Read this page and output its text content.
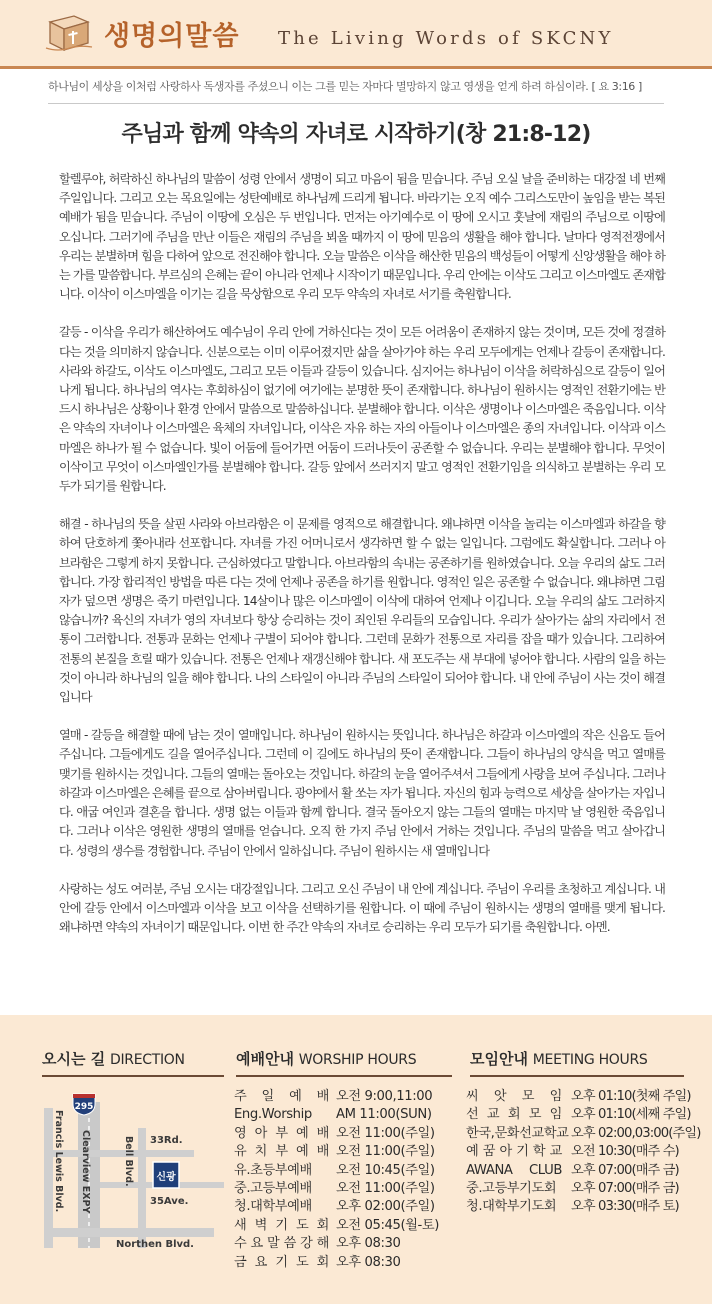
생명의말씀 The Living Words of SKCNY
하나님이 세상을 이처럼 사랑하사 독생자를 주셨으니 이는 그를 믿는 자마다 멸망하지 않고 영생을 얻게 하려 하심이라. [ 요 3:16 ]
주님과 함께 약속의 자녀로 시작하기(창 21:8-12)

할렐루야, 허락하신 하나님의 말씀이 성령 안에서 생명이 되고 마음이 됨을 믿습니다. 주님 오실 날을 준비하는 대강절 네 번째 주일입니다. 그리고 오는 목요일에는 성탄예배로 하나님께 드리게 됩니다. 바라기는 오직 예수 그리스도만이 높임을 받는 복된 예배가 됨을 믿습니다. 주님이 이땅에 오심은 두 번입니다. 먼저는 아기예수로 이 땅에 오시고 훗날에 재림의 주님으로 이땅에 오십니다. 그러기에 주님을 만난 이들은 재림의 주님을 뵈올 때까지 이 땅에 믿음의 생활을 해야 합니다. 날마다 영적전쟁에서 우리는 분별하며 힘을 다하여 앞으로 전진해야 합니다. 오늘 말씀은 이삭을 해산한 믿음의 백성들이 어떻게 신앙생활을 해야 하는 가를 말씀합니다. 부르심의 은혜는 끝이 아니라 언제나 시작이기 때문입니다. 우리 안에는 이삭도 그리고 이스마엘도 존재합니다. 이삭이 이스마엘을 이기는 길을 묵상함으로 우리 모두 약속의 자녀로 서기를 축원합니다.

갈등 - 이삭을 우리가 해산하여도 예수님이 우리 안에 거하신다는 것이 모든 어려움이 존재하지 않는 것이며, 모든 것에 정결하다는 것을 의미하지 않습니다. 신분으로는 이미 이루어졌지만 삶을 살아가야 하는 우리 모두에게는 언제나 갈등이 존재합니다. 사라와 하갈도, 이삭도 이스마엘도, 그리고 모든 이들과 갈등이 있습니다. 심지어는 하나님이 이삭을 허락하심으로 갈등이 일어나게 됩니다. 하나님의 역사는 후회하심이 없기에 여기에는 분명한 뜻이 존재합니다. 하나님이 원하시는 영적인 전환기에는 반드시 하나님은 상황이나 환경 안에서 말씀으로 말씀하십니다. 분별해야 합니다. 이삭은 생명이나 이스마엘은 죽음입니다. 이삭은 약속의 자녀이나 이스마엘은 육체의 자녀입니다, 이삭은 자유 하는 자의 아들이나 이스마엘은 종의 자녀입니다. 이삭과 이스마엘은 하나가 될 수 없습니다. 빛이 어둠에 들어가면 어둠이 드러나듯이 공존할 수 없습니다. 우리는 분별해야 합니다. 무엇이 이삭이고 무엇이 이스마엘인가를 분별해야 합니다. 갈등 앞에서 쓰러지지 말고 영적인 전환기임을 의식하고 분별하는 우리 모두가 되기를 원합니다.

해결 - 하나님의 뜻을 살핀 사라와 아브라함은 이 문제를 영적으로 해결합니다. 왜냐하면 이삭을 놀리는 이스마엘과 하갈을 향하여 단호하게 쫓아내라 선포합니다. 자녀를 가진 어머니로서 생각하면 할 수 없는 일입니다. 그럼에도 확실합니다. 그러나 아브라함은 그렇게 하지 못합니다. 근심하였다고 말합니다. 아브라함의 속내는 공존하기를 원하였습니다. 오늘 우리의 삶도 그러합니다. 가장 합리적인 방법을 따른 다는 것에 언제나 공존을 하기를 원합니다. 영적인 일은 공존할 수 없습니다. 왜냐하면 그림자가 덮으면 생명은 죽기 마련입니다. 14살이나 많은 이스마엘이 이삭에 대하여 언제나 이깁니다. 오늘 우리의 삶도 그러하지 않습니까? 육신의 자녀가 영의 자녀보다 항상 승리하는 것이 죄인된 우리들의 모습입니다. 우리가 살아가는 삶의 자리에서 전통이 그러합니다. 전통과 문화는 언제나 구별이 되어야 합니다. 그런데 문화가 전통으로 자리를 잡을 때가 있습니다. 그리하여 전통의 본질을 흐릴 때가 있습니다. 전통은 언제나 재갱신해야 합니다. 새 포도주는 새 부대에 넣어야 합니다. 사람의 일을 하는 것이 아니라 하나님의 일을 해야 합니다. 나의 스타일이 아니라 주님의 스타일이 되어야 합니다. 내 안에 주님이 사는 것이 해결입니다

열매 - 갈등을 해결할 때에 남는 것이 열매입니다. 하나님이 원하시는 뜻입니다. 하나님은 하갈과 이스마엘의 작은 신음도 들어주십니다. 그들에게도 길을 열어주십니다. 그런데 이 길에도 하나님의 뜻이 존재합니다. 그들이 하나님의 양식을 먹고 열매를 맺기를 원하시는 것입니다. 그들의 열매는 돌아오는 것입니다. 하갈의 눈을 열어주셔서 그들에게 사랑을 보여 주십니다. 그러나 하갈과 이스마엘은 은혜를 끝으로 삼아버립니다. 광야에서 활 쏘는 자가 됩니다. 자신의 힘과 능력으로 세상을 살아가는 자입니다. 애굽 여인과 결혼을 합니다. 생명 없는 이들과 함께 합니다. 결국 돌아오지 않는 그들의 열매는 마지막 날 영원한 죽음입니다. 그러나 이삭은 영원한 생명의 열매를 얻습니다. 오직 한 가지 주님 안에서 거하는 것입니다. 주님의 말씀을 먹고 살아갑니다. 성령의 생수를 경험합니다. 주님이 안에서 일하십니다. 주님이 원하시는 새 열매입니다

사랑하는 성도 여러분, 주님 오시는 대강절입니다. 그리고 오신 주님이 내 안에 계십니다. 주님이 우리를 초청하고 계십니다. 내 안에 갈등 안에서 이스마엘과 이삭을 보고 이삭을 선택하기를 원합니다. 이 때에 주님이 원하시는 생명의 열매를 맺게 됩니다. 왜냐하면 약속의 자녀이기 때문입니다. 이번 한 주간 약속의 자녀로 승리하는 우리 모두가 되기를 축원합니다. 아멘.

오시는 길 DIRECTION
295
신광
33Rd.
35Ave.
Northen Blvd.
Clearview EXPY
Francis Lewis Blvd.	Bell Blvd.
예배안내 WORSHIP HOURS
주 일 예 배 오전 9:00,11:00
Eng.Worship	AM 11:00(SUN)
영 아 부 예 배 오전 11:00(주일)
유 치 부 예 배 오전 11:00(주일)
유.초등부예배	오전 10:45(주일)
중.고등부예배	오전 11:00(주일)
청.대학부예배	오후 02:00(주일)
새 벽 기 도 회 오전 05:45(월-토)
수 요 말 씀 강 해 오후 08:30
금 요 기 도 회 오후 08:30
모임안내 MEETING HOURS
씨 앗 모 임 오후 01:10(첫째 주일)
선 교 회 모 임 오후 01:10(세째 주일)
한국,문화선교학교 오후 02:00,03:00(주일)
예 꿈 아 기 학 교 오전 10:30(매주 수)
AWANA CLUB 오후 07:00(매주 금)
중.고등부기도회	오후 07:00(매주 금)
청.대학부기도회	오후 03:30(매주 토)
